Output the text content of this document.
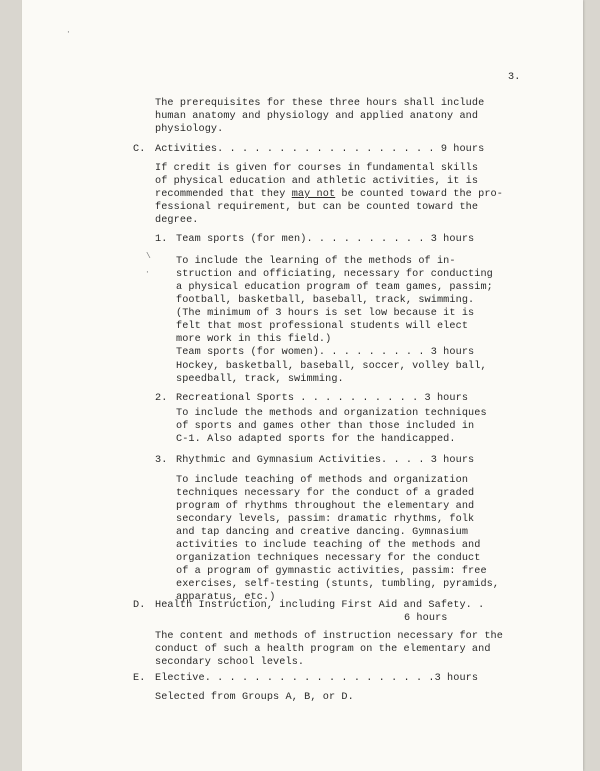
·
\
·

3.

The prerequisites for these three hours shall include

human anatomy and physiology and applied anatony and

physiology.

C. Activities. . . . . . . . . . . . . . . . . . 9 hours

If credit is given for courses in fundamental skills

of physical education and athletic activities, it is

recommended that they may not be counted toward the pro-

fessional requirement, but can be counted toward the

degree.

1. Team sports (for men). . . . . . . . . . 3 hours

To include the learning of the methods of in-

struction and officiating, necessary for conducting

a physical education program of team games, passim;

football, basketball, baseball, track, swimming.

(The minimum of 3 hours is set low because it is

felt that most professional students will elect

more work in this field.)

Team sports (for women). . . . . . . . . 3 hours

Hockey, basketball, baseball, soccer, volley ball,

speedball, track, swimming.

2. Recreational Sports . . . . . . . . . . 3 hours

To include the methods and organization techniques

of sports and games other than those included in

C-1. Also adapted sports for the handicapped.

3. Rhythmic and Gymnasium Activities. . . . 3 hours

To include teaching of methods and organization

techniques necessary for the conduct of a graded

program of rhythms throughout the elementary and

secondary levels, passim: dramatic rhythms, folk

and tap dancing and creative dancing. Gymnasium

activities to include teaching of the methods and

organization techniques necessary for the conduct

of a program of gymnastic activities, passim: free

exercises, self-testing (stunts, tumbling, pyramids,

apparatus, etc.)

D. Health Instruction, including First Aid and Safety. .

6 hours

The content and methods of instruction necessary for the

conduct of such a health program on the elementary and

secondary school levels.

E. Elective. . . . . . . . . . . . . . . . . . .3 hours

Selected from Groups A, B, or D.
